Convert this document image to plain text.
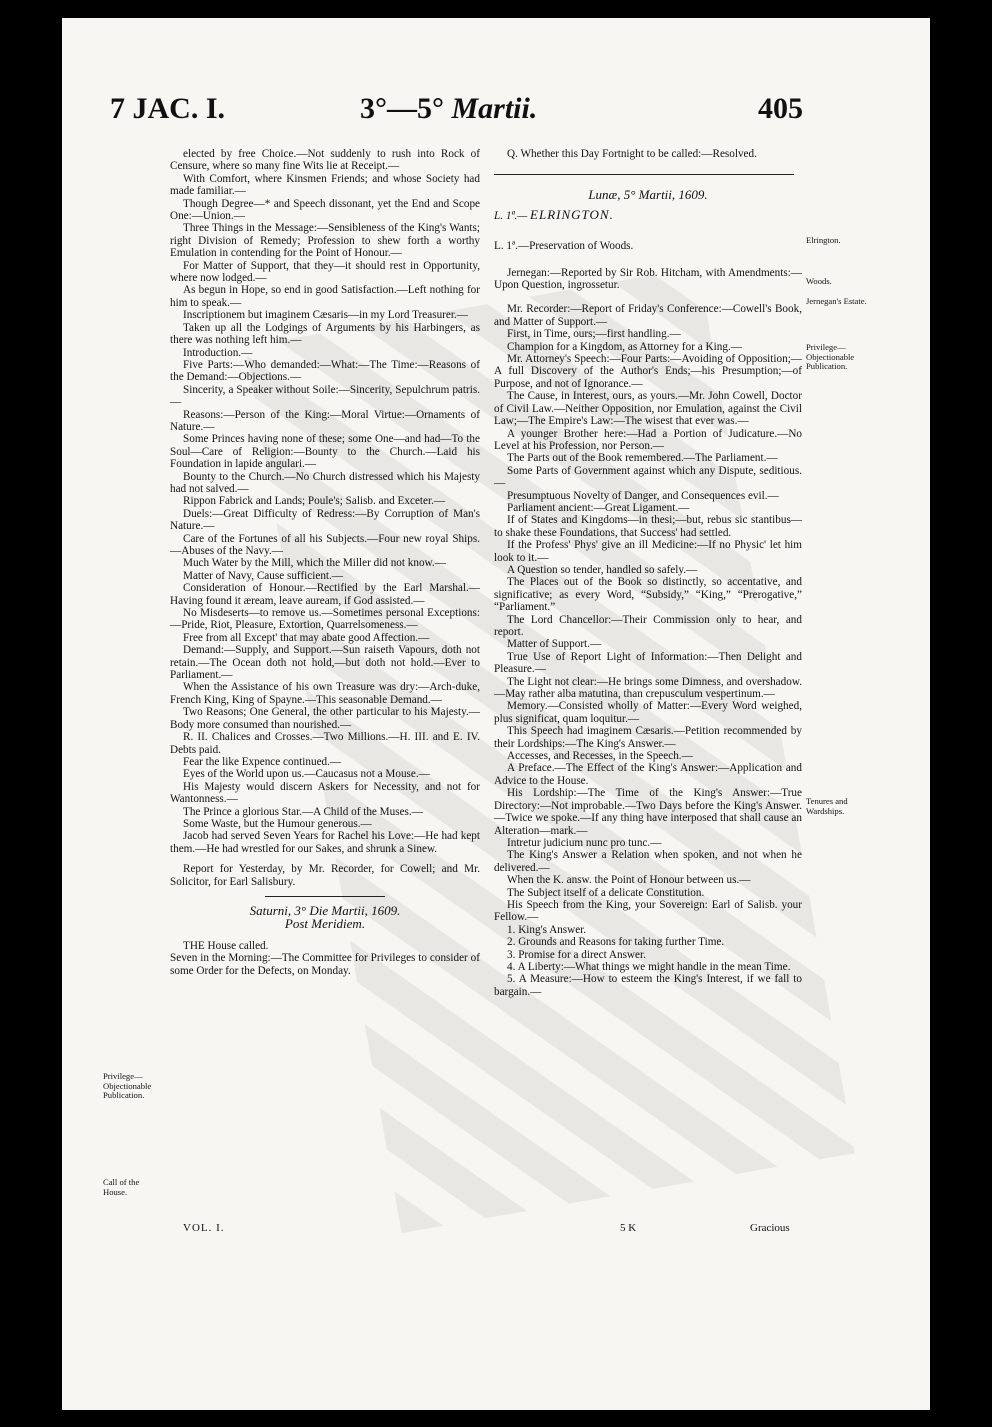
7 JAC. I.	3°—5° Martii.	405

elected by free Choice.—Not suddenly to rush into Rock of Censure, where so many fine Wits lie at Receipt.—

With Comfort, where Kinsmen Friends; and whose Society had made familiar.—

Though Degree—* and Speech dissonant, yet the End and Scope One:—Union.—

Three Things in the Message:—Sensibleness of the King's Wants; right Division of Remedy; Profession to shew forth a worthy Emulation in contending for the Point of Honour.—

For Matter of Support, that they—it should rest in Opportunity, where now lodged.—

As begun in Hope, so end in good Satisfaction.—Left nothing for him to speak.—

Inscriptionem but imaginem Cæsaris—in my Lord Treasurer.—

Taken up all the Lodgings of Arguments by his Harbingers, as there was nothing left him.—

Introduction.—

Five Parts:—Who demanded:—What:—The Time:—Reasons of the Demand:—Objections.—

Sincerity, a Speaker without Soile:—Sincerity, Sepulchrum patris.—

Reasons:—Person of the King:—Moral Virtue:—Ornaments of Nature.—

Some Princes having none of these; some One—and had—To the Soul—Care of Religion:—Bounty to the Church.—Laid his Foundation in lapide angulari.—

Bounty to the Church.—No Church distressed which his Majesty had not salved.—

Rippon Fabrick and Lands; Poule's; Salisb. and Exceter.—

Duels:—Great Difficulty of Redress:—By Corruption of Man's Nature.—

Care of the Fortunes of all his Subjects.—Four new royal Ships.—Abuses of the Navy.—

Much Water by the Mill, which the Miller did not know.—

Matter of Navy, Cause sufficient.—

Consideration of Honour.—Rectified by the Earl Marshal.—Having found it æream, leave auream, if God assisted.—

No Misdeserts—to remove us.—Sometimes personal Exceptions:—Pride, Riot, Pleasure, Extortion, Quarrelsomeness.—

Free from all Except' that may abate good Affection.—

Demand:—Supply, and Support.—Sun raiseth Vapours, doth not retain.—The Ocean doth not hold,—but doth not hold.—Ever to Parliament.—

When the Assistance of his own Treasure was dry:—Arch-duke, French King, King of Spayne.—This seasonable Demand.—

Two Reasons; One General, the other particular to his Majesty.—Body more consumed than nourished.—

R. II. Chalices and Crosses.—Two Millions.—H. III. and E. IV. Debts paid.

Fear the like Expence continued.—

Eyes of the World upon us.—Caucasus not a Mouse.—

His Majesty would discern Askers for Necessity, and not for Wantonness.—

The Prince a glorious Star.—A Child of the Muses.—

Some Waste, but the Humour generous.—

Jacob had served Seven Years for Rachel his Love:—He had kept them.—He had wrestled for our Sakes, and shrunk a Sinew.

Report for Yesterday, by Mr. Recorder, for Cowell; and Mr. Solicitor, for Earl Salisbury.

Saturni, 3° Die Martii, 1609.

Post Meridiem.

THE House called.

Seven in the Morning:—The Committee for Privileges to consider of some Order for the Defects, on Monday.

Q. Whether this Day Fortnight to be called:—Resolved.

Lunæ, 5° Martii, 1609.

L. 1ª.— ELRINGTON.

L. 1ª.—Preservation of Woods.

Jernegan:—Reported by Sir Rob. Hitcham, with Amendments:—Upon Question, ingrossetur.

Mr. Recorder:—Report of Friday's Conference:—Cowell's Book, and Matter of Support.—

First, in Time, ours;—first handling.—

Champion for a Kingdom, as Attorney for a King.—

Mr. Attorney's Speech:—Four Parts:—Avoiding of Opposition;—A full Discovery of the Author's Ends;—his Presumption;—of Purpose, and not of Ignorance.—

The Cause, in Interest, ours, as yours.—Mr. John Cowell, Doctor of Civil Law.—Neither Opposition, nor Emulation, against the Civil Law;—The Empire's Law:—The wisest that ever was.—

A younger Brother here:—Had a Portion of Judicature.—No Level at his Profession, nor Person.—

The Parts out of the Book remembered.—The Parliament.—

Some Parts of Government against which any Dispute, seditious.—

Presumptuous Novelty of Danger, and Consequences evil.—

Parliament ancient:—Great Ligament.—

If of States and Kingdoms—in thesi;—but, rebus sic stantibus—to shake these Foundations, that Success' had settled.

If the Profess' Phys' give an ill Medicine:—If no Physic' let him look to it.—

A Question so tender, handled so safely.—

The Places out of the Book so distinctly, so accentative, and significative; as every Word, “Subsidy,” “King,” “Prerogative,” “Parliament.”

The Lord Chancellor:—Their Commission only to hear, and report.

Matter of Support.—

True Use of Report Light of Information:—Then Delight and Pleasure.—

The Light not clear:—He brings some Dimness, and overshadow.—May rather alba matutina, than crepusculum vespertinum.—

Memory.—Consisted wholly of Matter:—Every Word weighed, plus significat, quam loquitur.—

This Speech had imaginem Cæsaris.—Petition recommended by their Lordships:—The King's Answer.—

Accesses, and Recesses, in the Speech.—

A Preface.—The Effect of the King's Answer:—Application and Advice to the House.

His Lordship:—The Time of the King's Answer:—True Directory:—Not improbable.—Two Days before the King's Answer.—Twice we spoke.—If any thing have interposed that shall cause an Alteration—mark.—

Intretur judicium nunc pro tunc.—

The King's Answer a Relation when spoken, and not when he delivered.—

When the K. answ. the Point of Honour between us.—

The Subject itself of a delicate Constitution.

His Speech from the King, your Sovereign: Earl of Salisb. your Fellow.—

1. King's Answer.

2. Grounds and Reasons for taking further Time.

3. Promise for a direct Answer.

4. A Liberty:—What things we might handle in the mean Time.

5. A Measure:—How to esteem the King's Interest, if we fall to bargain.—

Privilege—Objectionable Publication.
Call of the House.
Elrington.
Woods.
Jernegan's Estate.
Privilege—Objectionable Publication.
Tenures and Wardships.
VOL. I.	5 K	Gracious
